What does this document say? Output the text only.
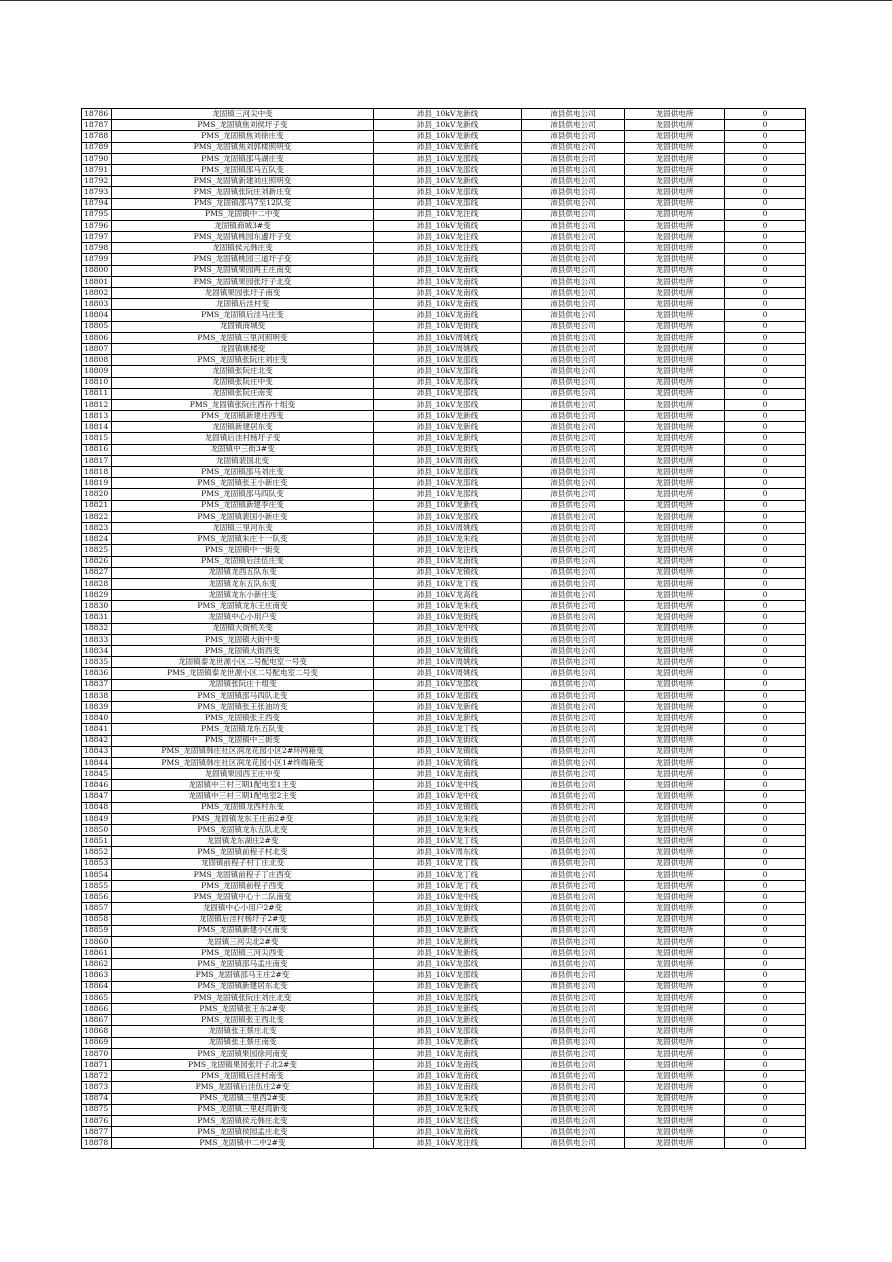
18786	龙固镇三河尖中变	沛县_10kV龙新线	沛县供电公司	龙固供电所	0
18787	PMS_龙固镇焦刘侯圩子变	沛县_10kV龙新线	沛县供电公司	龙固供电所	0
18788	PMS_龙固镇焦刘徐庄变	沛县_10kV龙新线	沛县供电公司	龙固供电所	0
18789	PMS_龙固镇焦刘郭楼照明变	沛县_10kV龙新线	沛县供电公司	龙固供电所	0
18790	PMS_龙固镇邵马湖庄变	沛县_10kV龙邵线	沛县供电公司	龙固供电所	0
18791	PMS_龙固镇邵马五队变	沛县_10kV龙邵线	沛县供电公司	龙固供电所	0
18792	PMS_龙固镇新建刘庄照明变	沛县_10kV龙新线	沛县供电公司	龙固供电所	0
18793	PMS_龙固镇张阮庄刘新庄变	沛县_10kV龙邵线	沛县供电公司	龙固供电所	0
18794	PMS_龙固镇邵马7至12队变	沛县_10kV龙邵线	沛县供电公司	龙固供电所	0
18795	PMS_龙固镇中二中变	沛县_10kV龙注线	沛县供电公司	龙固供电所	0
18796	龙固镇商城3#变	沛县_10kV龙镇线	沛县供电公司	龙固供电所	0
18797	PMS_龙固镇桃园东邊圩子变	沛县_10kV龙注线	沛县供电公司	龙固供电所	0
18798	龙固镇侯元韩庄变	沛县_10kV龙注线	沛县供电公司	龙固供电所	0
18799	PMS_龙固镇桃园三道圩子变	沛县_10kV龙南线	沛县供电公司	龙固供电所	0
18800	PMS_龙固镇果园两王庄南变	沛县_10kV龙南线	沛县供电公司	龙固供电所	0
18801	PMS_龙固镇果园张圩子北变	沛县_10kV龙南线	沛县供电公司	龙固供电所	0
18802	龙固镇果园张圩子南变	沛县_10kV龙南线	沛县供电公司	龙固供电所	0
18803	龙固镇后洼村变	沛县_10kV龙南线	沛县供电公司	龙固供电所	0
18804	PMS_龙固镇后洼马庄变	沛县_10kV龙南线	沛县供电公司	龙固供电所	0
18805	龙固镇商城变	沛县_10kV龙街线	沛县供电公司	龙固供电所	0
18806	PMS_龙固镇三里河照明变	沛县_10kV周姚线	沛县供电公司	龙固供电所	0
18807	龙固镇姚楼变	沛县_10kV周姚线	沛县供电公司	龙固供电所	0
18808	PMS_龙固镇张阮庄刘庄变	沛县_10kV龙邵线	沛县供电公司	龙固供电所	0
18809	龙固镇张阮庄北变	沛县_10kV龙邵线	沛县供电公司	龙固供电所	0
18810	龙固镇张阮庄中变	沛县_10kV龙邵线	沛县供电公司	龙固供电所	0
18811	龙固镇张阮庄南变	沛县_10kV龙邵线	沛县供电公司	龙固供电所	0
18812	PMS_龙固镇张阮庄西孙十组变	沛县_10kV龙邵线	沛县供电公司	龙固供电所	0
18813	PMS_龙固镇新建庄西变	沛县_10kV龙新线	沛县供电公司	龙固供电所	0
18814	龙固镇新建居东变	沛县_10kV龙新线	沛县供电公司	龙固供电所	0
18815	龙固镇后洼村杨圩子变	沛县_10kV龙新线	沛县供电公司	龙固供电所	0
18816	龙固镇中三街3#变	沛县_10kV龙街线	沛县供电公司	龙固供电所	0
18817	龙固镇裴国北变	沛县_10kV周南线	沛县供电公司	龙固供电所	0
18818	PMS_龙固镇邵马刘庄变	沛县_10kV龙邵线	沛县供电公司	龙固供电所	0
18819	PMS_龙固镇张王小新庄变	沛县_10kV龙邵线	沛县供电公司	龙固供电所	0
18820	PMS_龙固镇邵马四队变	沛县_10kV龙邵线	沛县供电公司	龙固供电所	0
18821	PMS_龙固镇新建李庄变	沛县_10kV龙新线	沛县供电公司	龙固供电所	0
18822	PMS_龙固镇裴国小新庄变	沛县_10kV龙邵线	沛县供电公司	龙固供电所	0
18823	龙固镇三里河东变	沛县_10kV周姚线	沛县供电公司	龙固供电所	0
18824	PMS_龙固镇朱庄十一队变	沛县_10kV龙朱线	沛县供电公司	龙固供电所	0
18825	PMS_龙固镇中一街变	沛县_10kV龙注线	沛县供电公司	龙固供电所	0
18826	PMS_龙固镇后洼伍庄变	沛县_10kV龙南线	沛县供电公司	龙固供电所	0
18827	龙固镇龙西五队东变	沛县_10kV龙镇线	沛县供电公司	龙固供电所	0
18828	龙固镇龙东五队东变	沛县_10kV龙丁线	沛县供电公司	龙固供电所	0
18829	龙固镇龙东小新庄变	沛县_10kV龙高线	沛县供电公司	龙固供电所	0
18830	PMS_龙固镇龙东王庄南变	沛县_10kV龙朱线	沛县供电公司	龙固供电所	0
18831	龙固镇中心小用户变	沛县_10kV龙街线	沛县供电公司	龙固供电所	0
18832	龙固镇大街机关变	沛县_10kV龙中线	沛县供电公司	龙固供电所	0
18833	PMS_龙固镇大街中变	沛县_10kV龙街线	沛县供电公司	龙固供电所	0
18834	PMS_龙固镇大街西变	沛县_10kV龙镇线	沛县供电公司	龙固供电所	0
18835	龙固镇泰龙世源小区二号配电室一号变	沛县_10kV周姚线	沛县供电公司	龙固供电所	0
18836	PMS_龙固镇泰龙世源小区二号配电室二号变	沛县_10kV周姚线	沛县供电公司	龙固供电所	0
18837	龙固镇张阮庄十组变	沛县_10kV龙邵线	沛县供电公司	龙固供电所	0
18838	PMS_龙固镇邵马四队北变	沛县_10kV龙邵线	沛县供电公司	龙固供电所	0
18839	PMS_龙固镇张王张油坊变	沛县_10kV龙新线	沛县供电公司	龙固供电所	0
18840	PMS_龙固镇张王西变	沛县_10kV龙新线	沛县供电公司	龙固供电所	0
18841	PMS_龙固镇龙东五队变	沛县_10kV龙丁线	沛县供电公司	龙固供电所	0
18842	PMS_龙固镇中三街变	沛县_10kV龙街线	沛县供电公司	龙固供电所	0
18843	PMS_龙固镇韩庄社区润龙花园小区2#环网箱变	沛县_10kV龙镇线	沛县供电公司	龙固供电所	0
18844	PMS_龙固镇韩庄社区润龙花园小区1#终端箱变	沛县_10kV龙镇线	沛县供电公司	龙固供电所	0
18845	龙固镇果园西王庄中变	沛县_10kV龙南线	沛县供电公司	龙固供电所	0
18846	龙固镇中三村三期1配电室1主变	沛县_10kV龙中线	沛县供电公司	龙固供电所	0
18847	龙固镇中三村三期1配电室2主变	沛县_10kV龙中线	沛县供电公司	龙固供电所	0
18848	PMS_龙固镇龙西村东变	沛县_10kV龙镇线	沛县供电公司	龙固供电所	0
18849	PMS_龙固镇龙东王庄南2#变	沛县_10kV龙朱线	沛县供电公司	龙固供电所	0
18850	PMS_龙固镇龙东五队北变	沛县_10kV龙朱线	沛县供电公司	龙固供电所	0
18851	龙固镇龙东湖庄2#变	沛县_10kV龙丁线	沛县供电公司	龙固供电所	0
18852	PMS_龙固镇前程子村北变	沛县_10kV周东线	沛县供电公司	龙固供电所	0
18853	龙固镇前程子村丁庄北变	沛县_10kV龙丁线	沛县供电公司	龙固供电所	0
18854	PMS_龙固镇前程子丁庄西变	沛县_10kV龙丁线	沛县供电公司	龙固供电所	0
18855	PMS_龙固镇前程子西变	沛县_10kV龙丁线	沛县供电公司	龙固供电所	0
18856	PMS_龙固镇中心十二队南变	沛县_10kV龙中线	沛县供电公司	龙固供电所	0
18857	龙固镇中心小用户2#变	沛县_10kV龙街线	沛县供电公司	龙固供电所	0
18858	龙固镇后洼村杨圩子2#变	沛县_10kV龙新线	沛县供电公司	龙固供电所	0
18859	PMS_龙固镇新建小区南变	沛县_10kV龙新线	沛县供电公司	龙固供电所	0
18860	龙固镇三河尖北2#变	沛县_10kV龙新线	沛县供电公司	龙固供电所	0
18861	PMS_龙固镇三河尖西变	沛县_10kV龙新线	沛县供电公司	龙固供电所	0
18862	PMS_龙固镇邵马孟庄南变	沛县_10kV龙邵线	沛县供电公司	龙固供电所	0
18863	PMS_龙固镇邵马王庄2#变	沛县_10kV龙邵线	沛县供电公司	龙固供电所	0
18864	PMS_龙固镇新建居东北变	沛县_10kV龙新线	沛县供电公司	龙固供电所	0
18865	PMS_龙固镇张阮庄刘庄北变	沛县_10kV龙邵线	沛县供电公司	龙固供电所	0
18866	PMS_龙固镇张王东2#变	沛县_10kV龙新线	沛县供电公司	龙固供电所	0
18867	PMS_龙固镇张王西北变	沛县_10kV龙新线	沛县供电公司	龙固供电所	0
18868	龙固镇张王蔡庄北变	沛县_10kV龙邵线	沛县供电公司	龙固供电所	0
18869	龙固镇张王蔡庄南变	沛县_10kV龙新线	沛县供电公司	龙固供电所	0
18870	PMS_龙固镇果园徐河南变	沛县_10kV龙南线	沛县供电公司	龙固供电所	0
18871	PMS_龙固镇果园张圩子北2#变	沛县_10kV龙南线	沛县供电公司	龙固供电所	0
18872	PMS_龙固镇后洼村南变	沛县_10kV龙南线	沛县供电公司	龙固供电所	0
18873	PMS_龙固镇后洼伍庄2#变	沛县_10kV龙南线	沛县供电公司	龙固供电所	0
18874	PMS_龙固镇三里西2#变	沛县_10kV龙朱线	沛县供电公司	龙固供电所	0
18875	PMS_龙固镇三里赵湾新变	沛县_10kV龙朱线	沛县供电公司	龙固供电所	0
18876	PMS_龙固镇侯元韩庄北变	沛县_10kV龙注线	沛县供电公司	龙固供电所	0
18877	PMS_龙固镇侯园孟庄北变	沛县_10kV龙南线	沛县供电公司	龙固供电所	0
18878	PMS_龙固镇中二中2#变	沛县_10kV龙注线	沛县供电公司	龙固供电所	0
